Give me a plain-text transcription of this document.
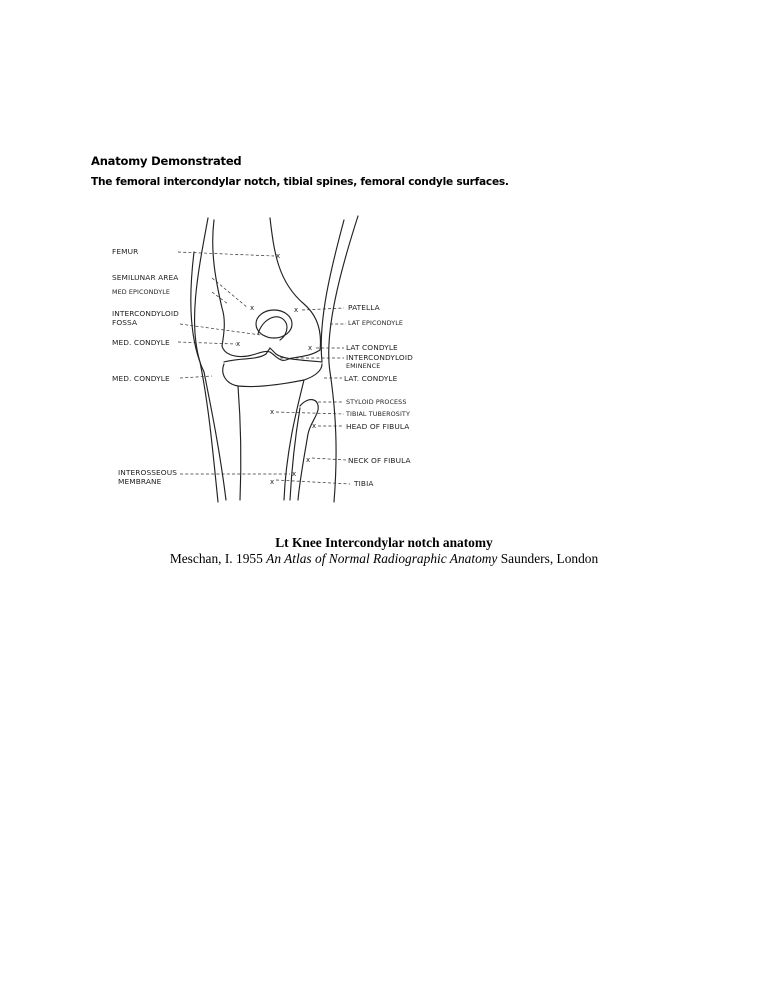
Anatomy Demonstrated
The femoral intercondylar notch, tibial spines, femoral condyle surfaces.
x
x	x
x	x
x
x
x
x
x
FEMUR
SEMILUNAR AREA
MED EPICONDYLE
INTERCONDYLOID
FOSSA
MED. CONDYLE
MED. CONDYLE
INTEROSSEOUS
MEMBRANE
PATELLA
LAT EPICONDYLE
LAT CONDYLE
INTERCONDYLOID
EMINENCE
LAT. CONDYLE
STYLOID PROCESS
TIBIAL TUBEROSITY
HEAD OF FIBULA
NECK OF FIBULA
TIBIA
Lt Knee Intercondylar notch anatomy
Meschan, I. 1955 An Atlas of Normal Radiographic Anatomy Saunders, London
